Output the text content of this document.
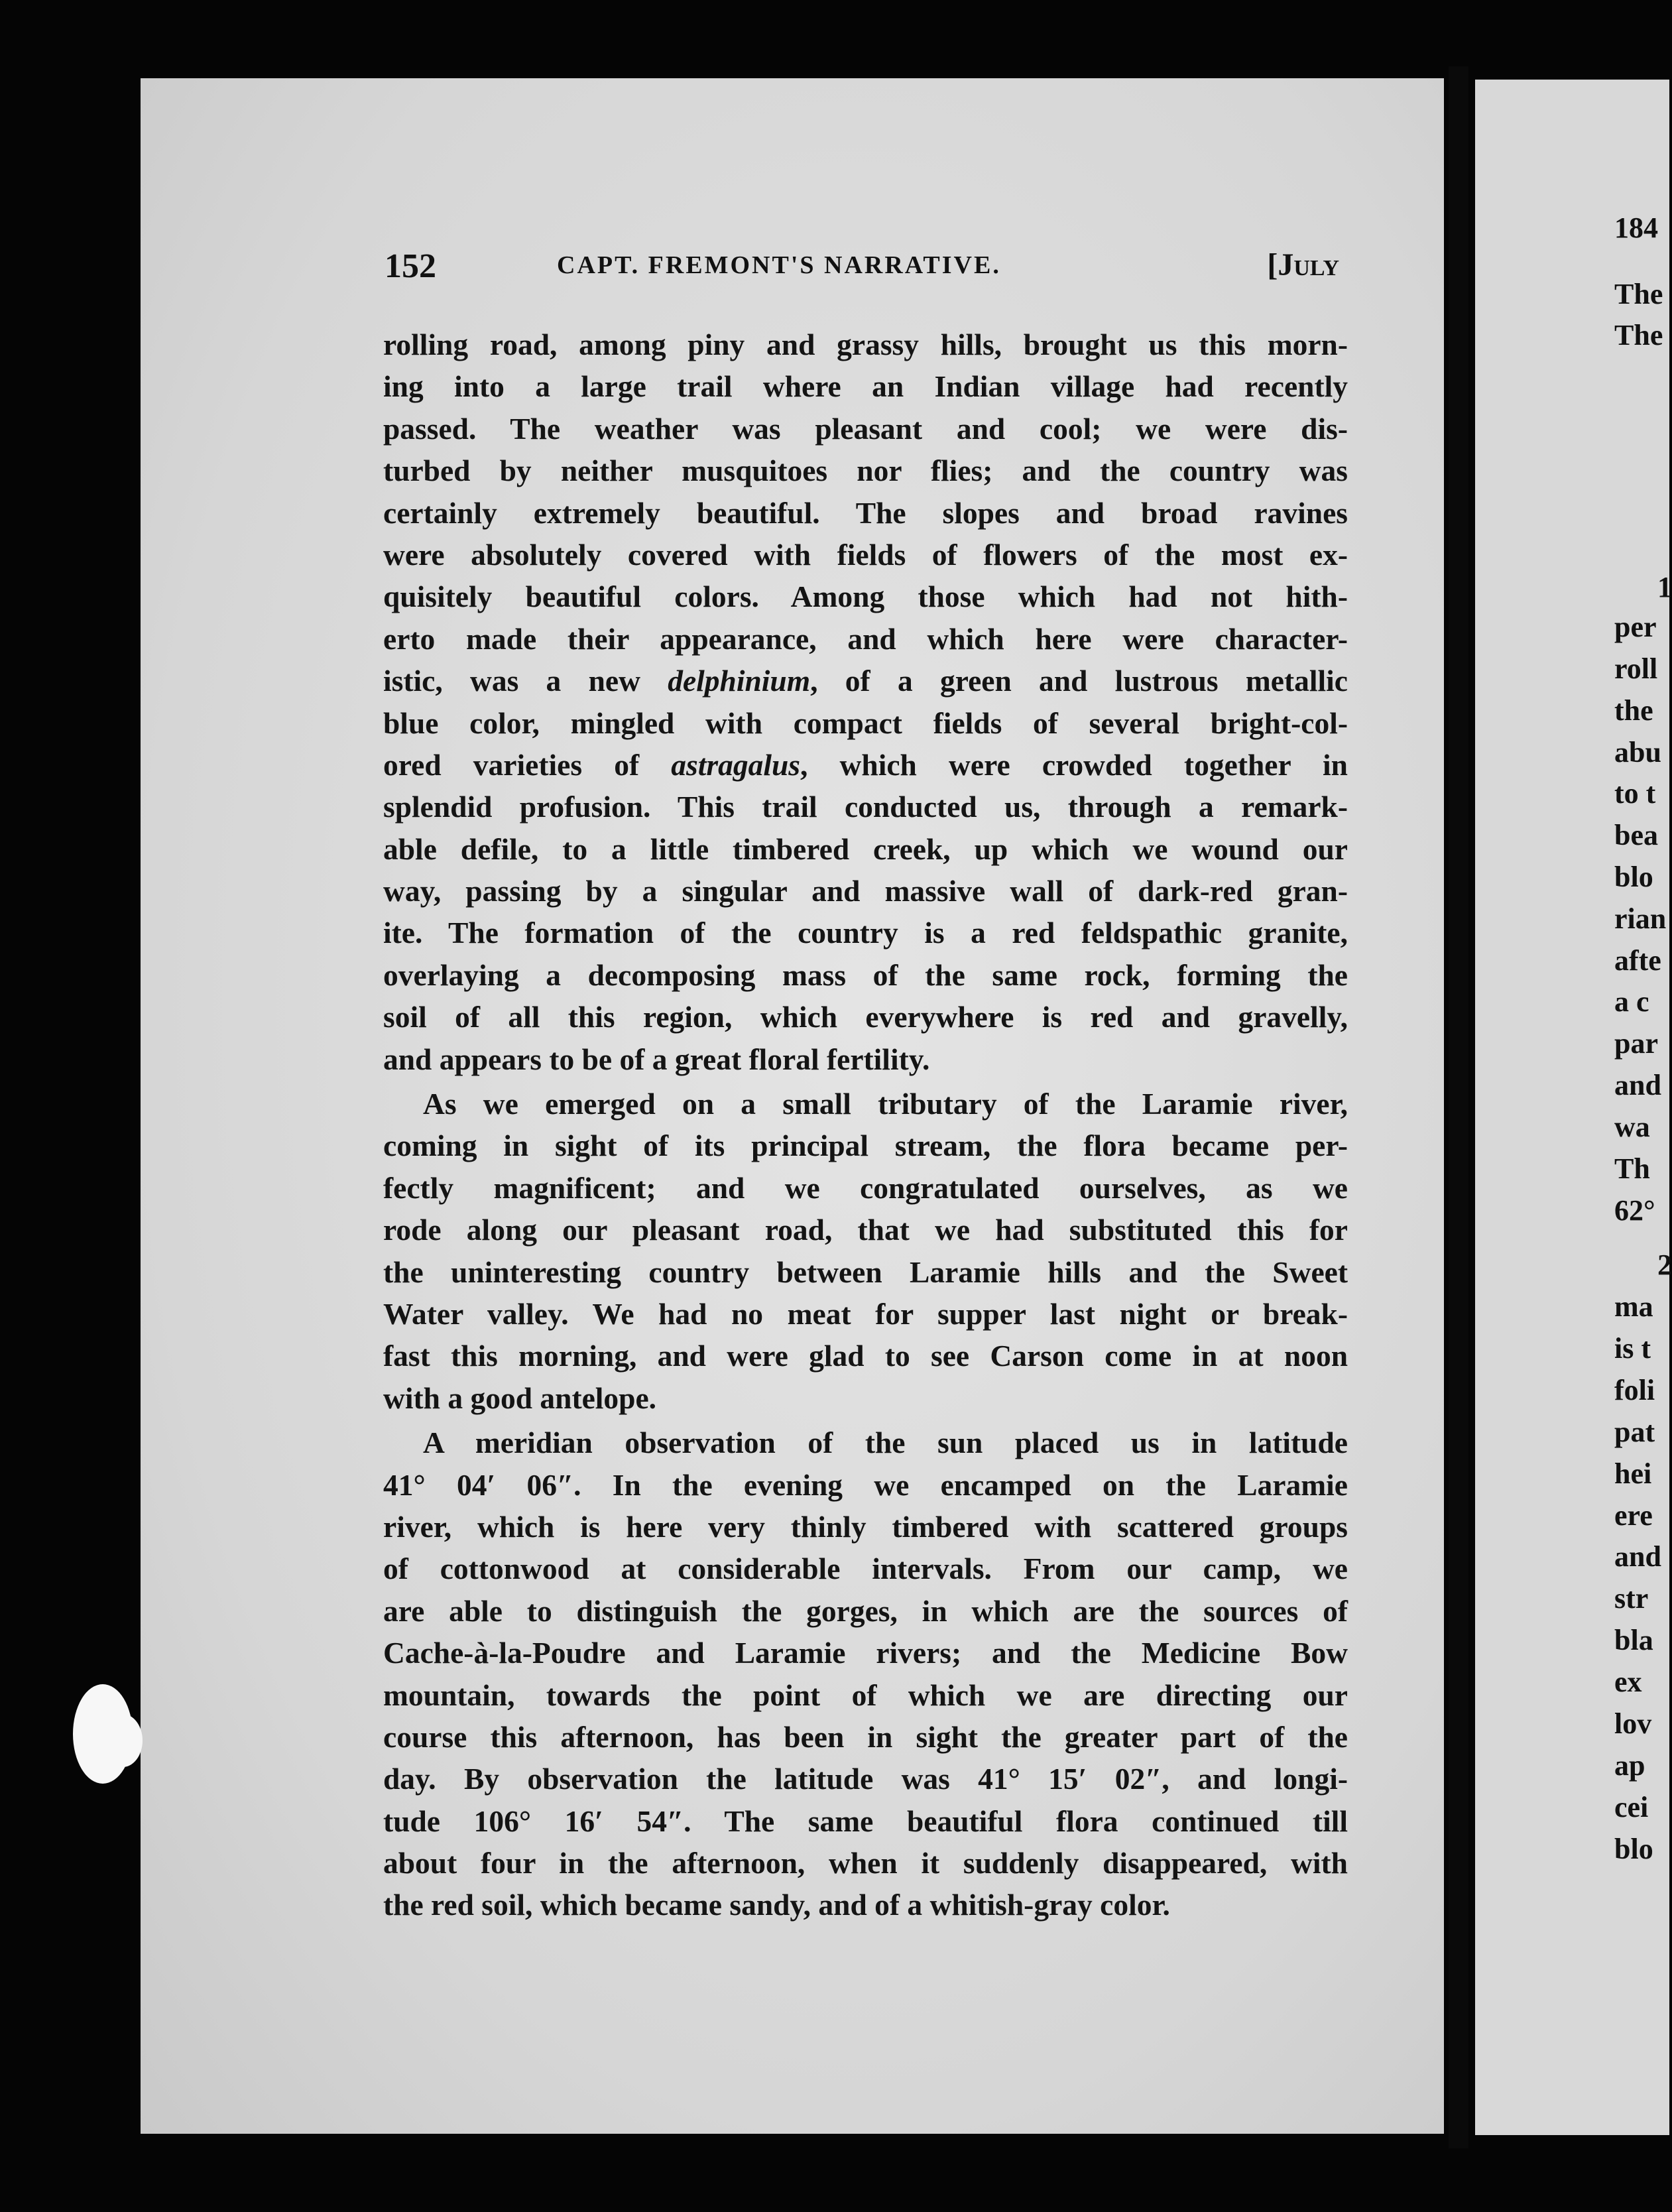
152	CAPT. FREMONT'S NARRATIVE.	[July
rolling road, among piny and grassy hills, brought us this morn-
ing into a large trail where an Indian village had recently
passed. The weather was pleasant and cool; we were dis-
turbed by neither musquitoes nor flies; and the country was
certainly extremely beautiful. The slopes and broad ravines
were absolutely covered with fields of flowers of the most ex-
quisitely beautiful colors. Among those which had not hith-
erto made their appearance, and which here were character-
istic, was a new delphinium, of a green and lustrous metallic
blue color, mingled with compact fields of several bright-col-
ored varieties of astragalus, which were crowded together in
splendid profusion. This trail conducted us, through a remark-
able defile, to a little timbered creek, up which we wound our
way, passing by a singular and massive wall of dark-red gran-
ite. The formation of the country is a red feldspathic granite,
overlaying a decomposing mass of the same rock, forming the
soil of all this region, which everywhere is red and gravelly,
and appears to be of a great floral fertility.
As we emerged on a small tributary of the Laramie river,
coming in sight of its principal stream, the flora became per-
fectly magnificent; and we congratulated ourselves, as we
rode along our pleasant road, that we had substituted this for
the uninteresting country between Laramie hills and the Sweet
Water valley. We had no meat for supper last night or break-
fast this morning, and were glad to see Carson come in at noon
with a good antelope.
A meridian observation of the sun placed us in latitude
41° 04′ 06″. In the evening we encamped on the Laramie
river, which is here very thinly timbered with scattered groups
of cottonwood at considerable intervals. From our camp, we
are able to distinguish the gorges, in which are the sources of
Cache-à-la-Poudre and Laramie rivers; and the Medicine Bow
mountain, towards the point of which we are directing our
course this afternoon, has been in sight the greater part of the
day. By observation the latitude was 41° 15′ 02″, and longi-
tude 106° 16′ 54″. The same beautiful flora continued till
about four in the afternoon, when it suddenly disappeared, with
the red soil, which became sandy, and of a whitish-gray color.
184
The
The
1
per
roll
the
abu
to t
bea
blo
rian
afte
a c
par
and
wa
Th
62°
2
ma
is t
foli
pat
hei
ere
and
str
bla
ex
lov
ap
cei
blo
